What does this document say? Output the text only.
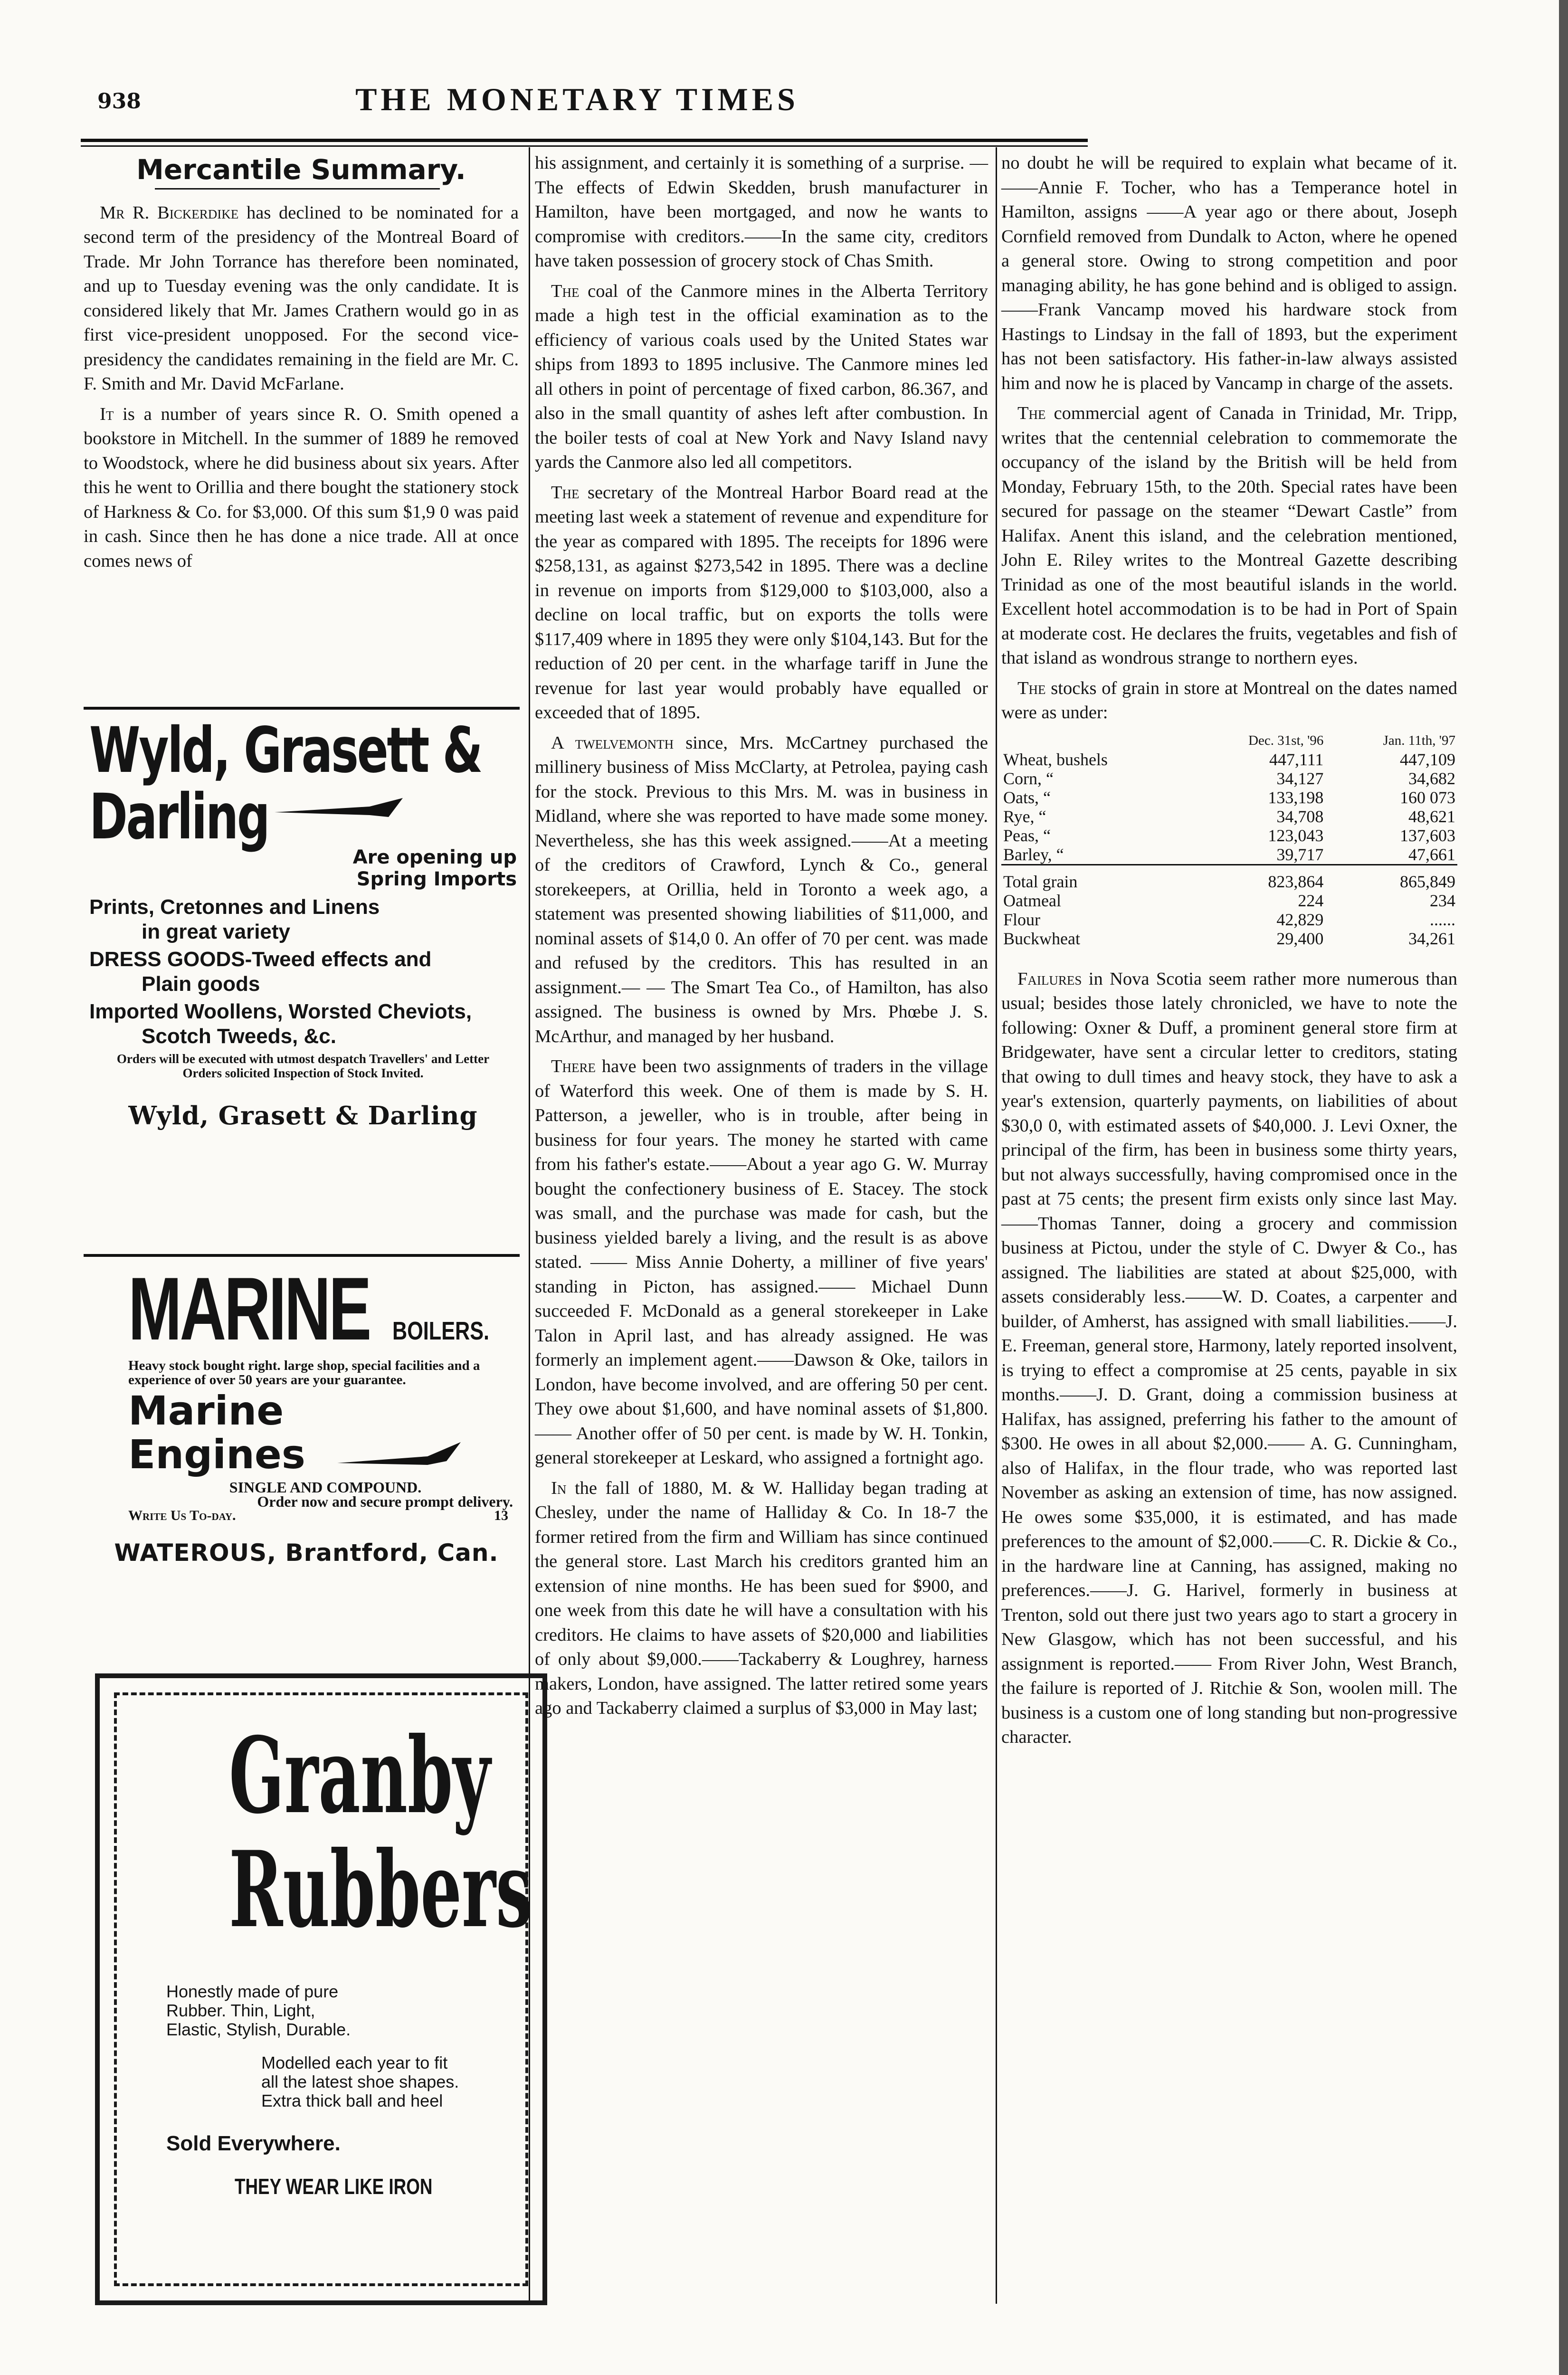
938	THE MONETARY TIMES
Mercantile Summary.

Mr R. Bickerdike has declined to be nominated for a second term of the presidency of the Montreal Board of Trade. Mr John Torrance has therefore been nominated, and up to Tuesday evening was the only candidate. It is considered likely that Mr. James Crathern would go in as first vice-president unopposed. For the second vice-presidency the candidates remaining in the field are Mr. C. F. Smith and Mr. David McFarlane.

It is a number of years since R. O. Smith opened a bookstore in Mitchell. In the summer of 1889 he removed to Woodstock, where he did business about six years. After this he went to Orillia and there bought the stationery stock of Harkness & Co. for $3,000. Of this sum $1,9 0 was paid in cash. Since then he has done a nice trade. All at once comes news of

Wyld, Grasett &
Darling
Are opening up
Spring Imports
Prints, Cretonnes and Linens
in great variety
DRESS GOODS-Tweed effects and
Plain goods
Imported Woollens, Worsted Cheviots,
Scotch Tweeds, &c.
Orders will be executed with utmost despatch Travellers' and Letter Orders solicited Inspection of Stock Invited.
Wyld, Grasett & Darling
MARINE BOILERS.
Heavy stock bought right. large shop, special facilities and a experience of over 50 years are your guarantee.
Marine
Engines
SINGLE AND COMPOUND.
Order now and secure prompt delivery.
Write Us To-day.	13
WATEROUS, Brantford, Can.
Granby
Rubbers
Honestly made of pure
Rubber. Thin, Light,
Elastic, Stylish, Durable.
Modelled each year to fit
all the latest shoe shapes.
Extra thick ball and heel
Sold Everywhere.
THEY WEAR LIKE IRON

his assignment, and certainly it is something of a surprise. — The effects of Edwin Skedden, brush manufacturer in Hamilton, have been mortgaged, and now he wants to compromise with creditors.——In the same city, creditors have taken possession of grocery stock of Chas Smith.

The coal of the Canmore mines in the Alberta Territory made a high test in the official examination as to the efficiency of various coals used by the United States war ships from 1893 to 1895 inclusive. The Canmore mines led all others in point of percentage of fixed carbon, 86.367, and also in the small quantity of ashes left after combustion. In the boiler tests of coal at New York and Navy Island navy yards the Canmore also led all competitors.

The secretary of the Montreal Harbor Board read at the meeting last week a statement of revenue and expenditure for the year as compared with 1895. The receipts for 1896 were $258,131, as against $273,542 in 1895. There was a decline in revenue on imports from $129,000 to $103,000, also a decline on local traffic, but on exports the tolls were $117,409 where in 1895 they were only $104,143. But for the reduction of 20 per cent. in the wharfage tariff in June the revenue for last year would probably have equalled or exceeded that of 1895.

A twelvemonth since, Mrs. McCartney purchased the millinery business of Miss McClarty, at Petrolea, paying cash for the stock. Previous to this Mrs. M. was in business in Midland, where she was reported to have made some money. Nevertheless, she has this week assigned.——At a meeting of the creditors of Crawford, Lynch & Co., general storekeepers, at Orillia, held in Toronto a week ago, a statement was presented showing liabilities of $11,000, and nominal assets of $14,0 0. An offer of 70 per cent. was made and refused by the creditors. This has resulted in an assignment.— — The Smart Tea Co., of Hamilton, has also assigned. The business is owned by Mrs. Phœbe J. S. McArthur, and managed by her husband.

There have been two assignments of traders in the village of Waterford this week. One of them is made by S. H. Patterson, a jeweller, who is in trouble, after being in business for four years. The money he started with came from his father's estate.——About a year ago G. W. Murray bought the confectionery business of E. Stacey. The stock was small, and the purchase was made for cash, but the business yielded barely a living, and the result is as above stated. —— Miss Annie Doherty, a milliner of five years' standing in Picton, has assigned.—— Michael Dunn succeeded F. McDonald as a general storekeeper in Lake Talon in April last, and has already assigned. He was formerly an implement agent.——Dawson & Oke, tailors in London, have become involved, and are offering 50 per cent. They owe about $1,600, and have nominal assets of $1,800.—— Another offer of 50 per cent. is made by W. H. Tonkin, general storekeeper at Leskard, who assigned a fortnight ago.

In the fall of 1880, M. & W. Halliday began trading at Chesley, under the name of Halliday & Co. In 18-7 the former retired from the firm and William has since continued the general store. Last March his creditors granted him an extension of nine months. He has been sued for $900, and one week from this date he will have a consultation with his creditors. He claims to have assets of $20,000 and liabilities of only about $9,000.——Tackaberry & Loughrey, harness makers, London, have assigned. The latter retired some years ago and Tackaberry claimed a surplus of $3,000 in May last;

no doubt he will be required to explain what became of it.——Annie F. Tocher, who has a Temperance hotel in Hamilton, assigns ——A year ago or there about, Joseph Cornfield removed from Dundalk to Acton, where he opened a general store. Owing to strong competition and poor managing ability, he has gone behind and is obliged to assign.——Frank Vancamp moved his hardware stock from Hastings to Lindsay in the fall of 1893, but the experiment has not been satisfactory. His father-in-law always assisted him and now he is placed by Vancamp in charge of the assets.

The commercial agent of Canada in Trinidad, Mr. Tripp, writes that the centennial celebration to commemorate the occupancy of the island by the British will be held from Monday, February 15th, to the 20th. Special rates have been secured for passage on the steamer “Dewart Castle” from Halifax. Anent this island, and the celebration mentioned, John E. Riley writes to the Montreal Gazette describing Trinidad as one of the most beautiful islands in the world. Excellent hotel accommodation is to be had in Port of Spain at moderate cost. He declares the fruits, vegetables and fish of that island as wondrous strange to northern eyes.

The stocks of grain in store at Montreal on the dates named were as under:

	Dec. 31st, '96	Jan. 11th, '97
Wheat, bushels	447,111	447,109
Corn, “	34,127	34,682
Oats, “	133,198	160 073
Rye, “	34,708	48,621
Peas, “	123,043	137,603
Barley, “	39,717	47,661
Total grain	823,864	865,849
Oatmeal	224	234
Flour	42,829	......
Buckwheat	29,400	34,261

Failures in Nova Scotia seem rather more numerous than usual; besides those lately chronicled, we have to note the following: Oxner & Duff, a prominent general store firm at Bridgewater, have sent a circular letter to creditors, stating that owing to dull times and heavy stock, they have to ask a year's extension, quarterly payments, on liabilities of about $30,0 0, with estimated assets of $40,000. J. Levi Oxner, the principal of the firm, has been in business some thirty years, but not always successfully, having compromised once in the past at 75 cents; the present firm exists only since last May.——Thomas Tanner, doing a grocery and commission business at Pictou, under the style of C. Dwyer & Co., has assigned. The liabilities are stated at about $25,000, with assets considerably less.——W. D. Coates, a carpenter and builder, of Amherst, has assigned with small liabilities.——J. E. Freeman, general store, Harmony, lately reported insolvent, is trying to effect a compromise at 25 cents, payable in six months.——J. D. Grant, doing a commission business at Halifax, has assigned, preferring his father to the amount of $300. He owes in all about $2,000.—— A. G. Cunningham, also of Halifax, in the flour trade, who was reported last November as asking an extension of time, has now assigned. He owes some $35,000, it is estimated, and has made preferences to the amount of $2,000.——C. R. Dickie & Co., in the hardware line at Canning, has assigned, making no preferences.——J. G. Harivel, formerly in business at Trenton, sold out there just two years ago to start a grocery in New Glasgow, which has not been successful, and his assignment is reported.—— From River John, West Branch, the failure is reported of J. Ritchie & Son, woolen mill. The business is a custom one of long standing but non-progressive character.
